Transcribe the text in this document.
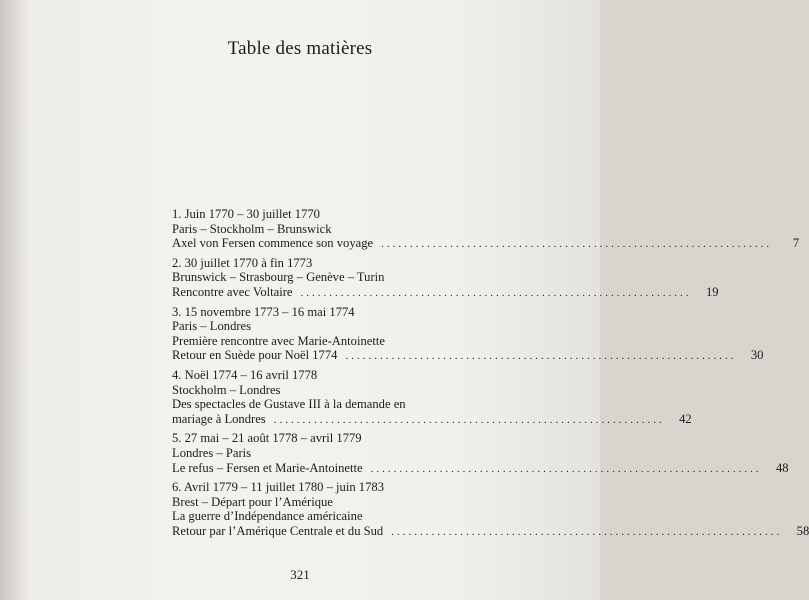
Table des matières
1. Juin 1770 – 30 juillet 1770
Paris – Stockholm – Brunswick
Axel von Fersen commence son voyage ....................................................................	7
2. 30 juillet 1770 à fin 1773
Brunswick – Strasbourg – Genève – Turin
Rencontre avec Voltaire ....................................................................	19
3. 15 novembre 1773 – 16 mai 1774
Paris – Londres
Première rencontre avec Marie-Antoinette
Retour en Suède pour Noël 1774 ....................................................................	30
4. Noël 1774 – 16 avril 1778
Stockholm – Londres
Des spectacles de Gustave III à la demande en
mariage à Londres ....................................................................	42
5. 27 mai – 21 août 1778 – avril 1779
Londres – Paris
Le refus – Fersen et Marie-Antoinette ....................................................................	48
6. Avril 1779 – 11 juillet 1780 – juin 1783
Brest – Départ pour l’Amérique
La guerre d’Indépendance américaine
Retour par l’Amérique Centrale et du Sud ....................................................................	58
321
